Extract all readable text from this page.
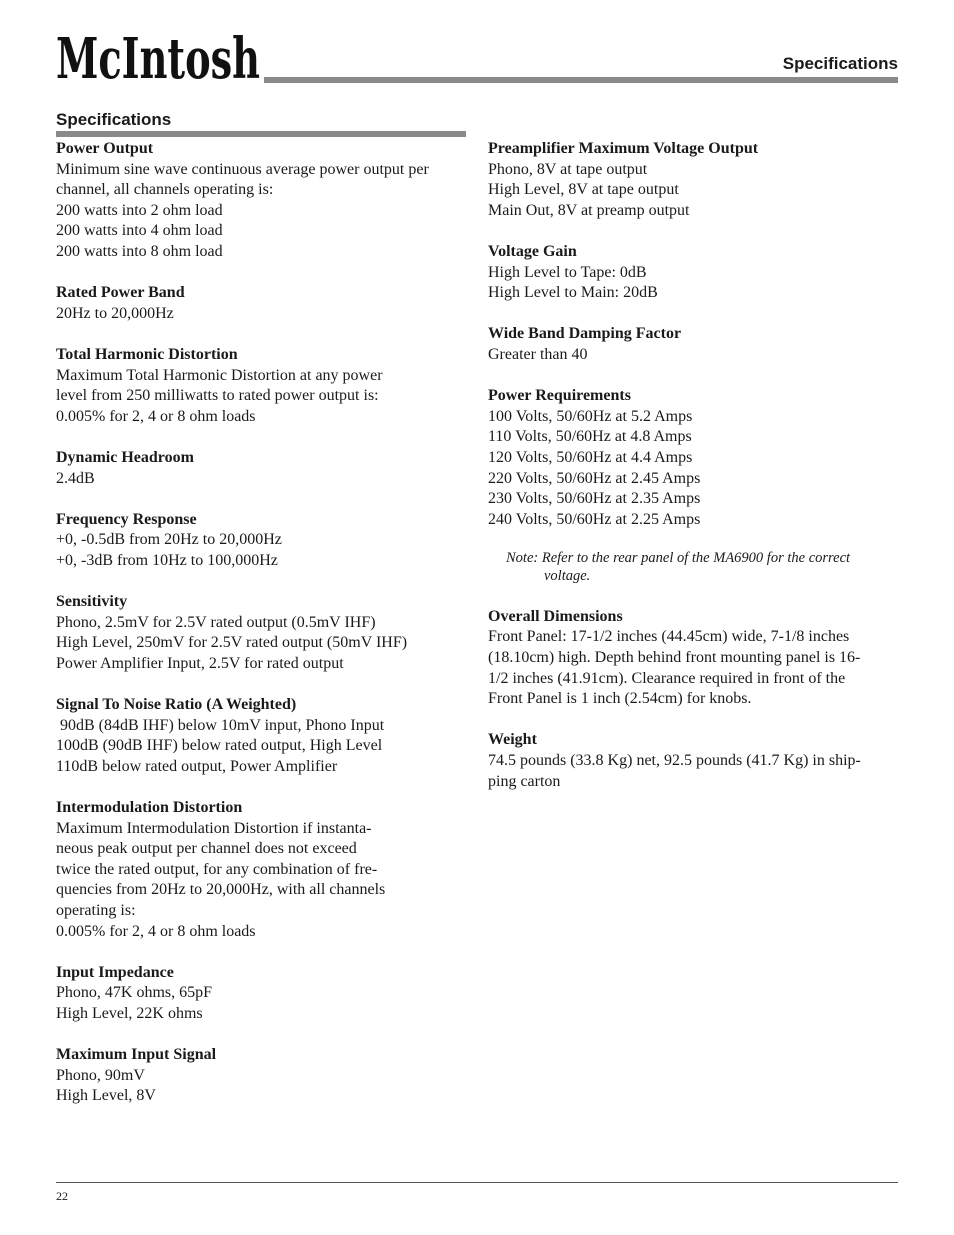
McIntosh	Specifications
Specifications
Power Output
Minimum sine wave continuous average power output per
channel, all channels operating is:
200 watts into 2 ohm load
200 watts into 4 ohm load
200 watts into 8 ohm load
Rated Power Band
20Hz to 20,000Hz
Total Harmonic Distortion
Maximum Total Harmonic Distortion at any power
level from 250 milliwatts to rated power output is:
0.005% for 2, 4 or 8 ohm loads
Dynamic Headroom
2.4dB
Frequency Response
+0, -0.5dB from 20Hz to 20,000Hz
+0, -3dB from 10Hz to 100,000Hz
Sensitivity
Phono, 2.5mV for 2.5V rated output (0.5mV IHF)
High Level, 250mV for 2.5V rated output (50mV IHF)
Power Amplifier Input, 2.5V for rated output
Signal To Noise Ratio (A Weighted)
90dB (84dB IHF) below 10mV input, Phono Input
100dB (90dB IHF) below rated output, High Level
110dB below rated output, Power Amplifier
Intermodulation Distortion
Maximum Intermodulation Distortion if instanta-
neous peak output per channel does not exceed
twice the rated output, for any combination of fre-
quencies from 20Hz to 20,000Hz, with all channels
operating is:
0.005% for 2, 4 or 8 ohm loads
Input Impedance
Phono, 47K ohms, 65pF
High Level, 22K ohms
Maximum Input Signal
Phono, 90mV
High Level, 8V
Preamplifier Maximum Voltage Output
Phono, 8V at tape output
High Level, 8V at tape output
Main Out, 8V at preamp output
Voltage Gain
High Level to Tape: 0dB
High Level to Main: 20dB
Wide Band Damping Factor
Greater than 40
Power Requirements
100 Volts, 50/60Hz at 5.2 Amps
110 Volts, 50/60Hz at 4.8 Amps
120 Volts, 50/60Hz at 4.4 Amps
220 Volts, 50/60Hz at 2.45 Amps
230 Volts, 50/60Hz at 2.35 Amps
240 Volts, 50/60Hz at 2.25 Amps
Note: Refer to the rear panel of the MA6900 for the correct
voltage.
Overall Dimensions
Front Panel: 17-1/2 inches (44.45cm) wide, 7-1/8 inches
(18.10cm) high. Depth behind front mounting panel is 16-
1/2 inches (41.91cm). Clearance required in front of the
Front Panel is 1 inch (2.54cm) for knobs.
Weight
74.5 pounds (33.8 Kg) net, 92.5 pounds (41.7 Kg) in ship-
ping carton
22
